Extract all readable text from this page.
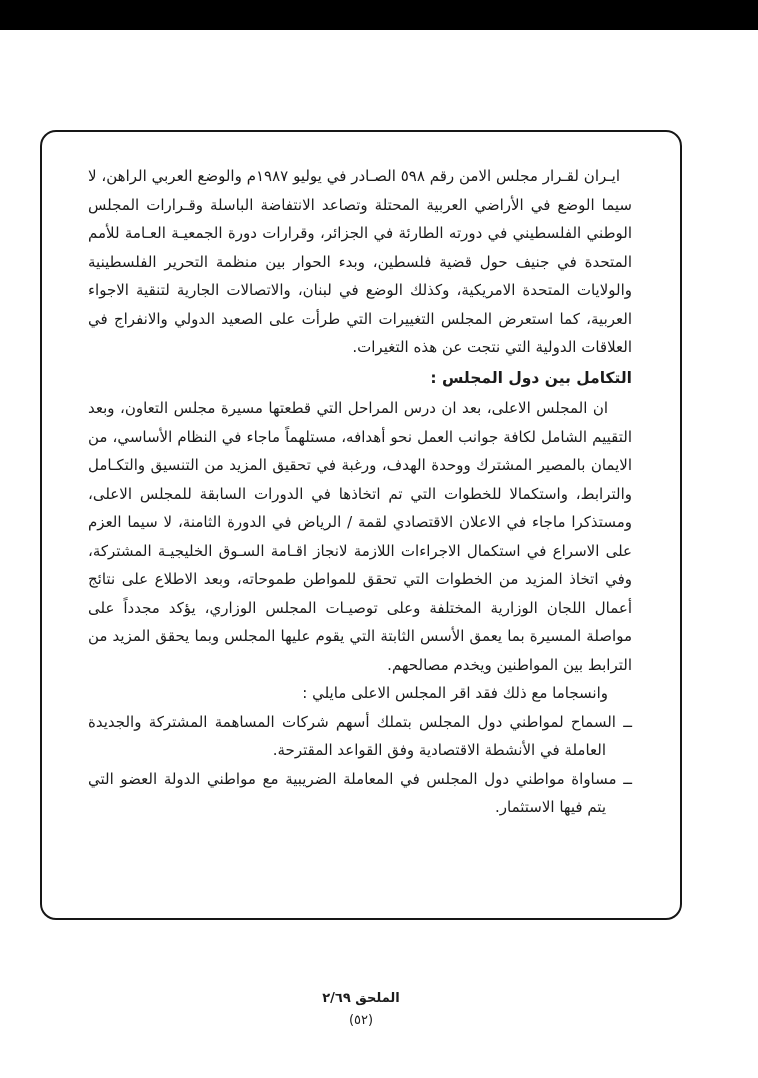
ايـران لقـرار مجلس الامن رقم ٥٩٨ الصـادر في يوليو ١٩٨٧م والوضع العربي الراهن، لا سيما الوضع في الأراضي العربية المحتلة وتصاعد الانتفاضة الباسلة وقـرارات المجلس الوطني الفلسطيني في دورته الطارئة في الجزائر، وقرارات دورة الجمعيـة العـامة للأمم المتحدة في جنيف حول قضية فلسطين، وبدء الحوار بين منظمة التحرير الفلسطينية والولايات المتحدة الامريكية، وكذلك الوضع في لبنان، والاتصالات الجارية لتنقية الاجواء العربية، كما استعرض المجلس التغييرات التي طرأت على الصعيد الدولي والانفراج في العلاقات الدولية التي نتجت عن هذه التغيرات.

التكامل بين دول المجلس :

ان المجلس الاعلى، بعد ان درس المراحل التي قطعتها مسيرة مجلس التعاون، وبعد التقييم الشامل لكافة جوانب العمل نحو أهدافه، مستلهماً ماجاء في النظام الأساسي، من الايمان بالمصير المشترك ووحدة الهدف، ورغبة في تحقيق المزيد من التنسيق والتكـامل والترابط، واستكمالا للخطوات التي تم اتخاذها في الدورات السابقة للمجلس الاعلى، ومستذكرا ماجاء في الاعلان الاقتصادي لقمة / الرياض في الدورة الثامنة، لا سيما العزم على الاسراع في استكمال الاجراءات اللازمة لانجاز اقـامة السـوق الخليجيـة المشتركة، وفي اتخاذ المزيد من الخطوات التي تحقق للمواطن طموحاته، وبعد الاطلاع على نتائج أعمال اللجان الوزارية المختلفة وعلى توصيـات المجلس الوزاري، يؤكد مجدداً على مواصلة المسيرة بما يعمق الأسس الثابتة التي يقوم عليها المجلس وبما يحقق المزيد من الترابط بين المواطنين ويخدم مصالحهم.

وانسجاما مع ذلك فقد اقر المجلس الاعلى مايلي :

ــ السماح لمواطني دول المجلس بتملك أسهم شركات المساهمة المشتركة والجديدة العاملة في الأنشطة الاقتصادية وفق القواعد المقترحة.

ــ مساواة مواطني دول المجلس في المعاملة الضريبية مع مواطني الدولة العضو التي يتم فيها الاستثمار.

الملحق ٢/٦٩
(٥٢)
